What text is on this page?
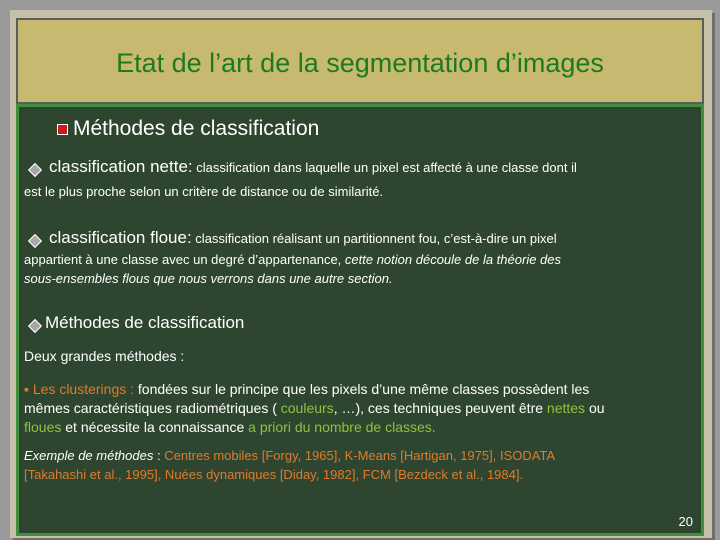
Etat de l’art de la segmentation d’images
Méthodes de classification
classification nette: classification dans laquelle un pixel est affecté à une classe dont il
est le plus proche selon un critère de distance ou de similarité.
classification floue: classification réalisant un partitionnent fou, c’est-à-dire un pixel
appartient à une classe avec un degré d’appartenance, cette notion découle de la théorie des
sous-ensembles flous que nous verrons dans une autre section.
Méthodes de classification
Deux grandes méthodes :
▪ Les clusterings : fondées sur le principe que les pixels d’une même classes possèdent les
mêmes caractéristiques radiométriques ( couleurs, …), ces techniques peuvent être nettes ou
floues et nécessite la connaissance a priori du nombre de classes.
Exemple de méthodes : Centres mobiles [Forgy, 1965], K-Means [Hartigan, 1975], ISODATA
[Takahashi et al., 1995], Nuées dynamiques [Diday, 1982], FCM [Bezdeck et al., 1984].
20
